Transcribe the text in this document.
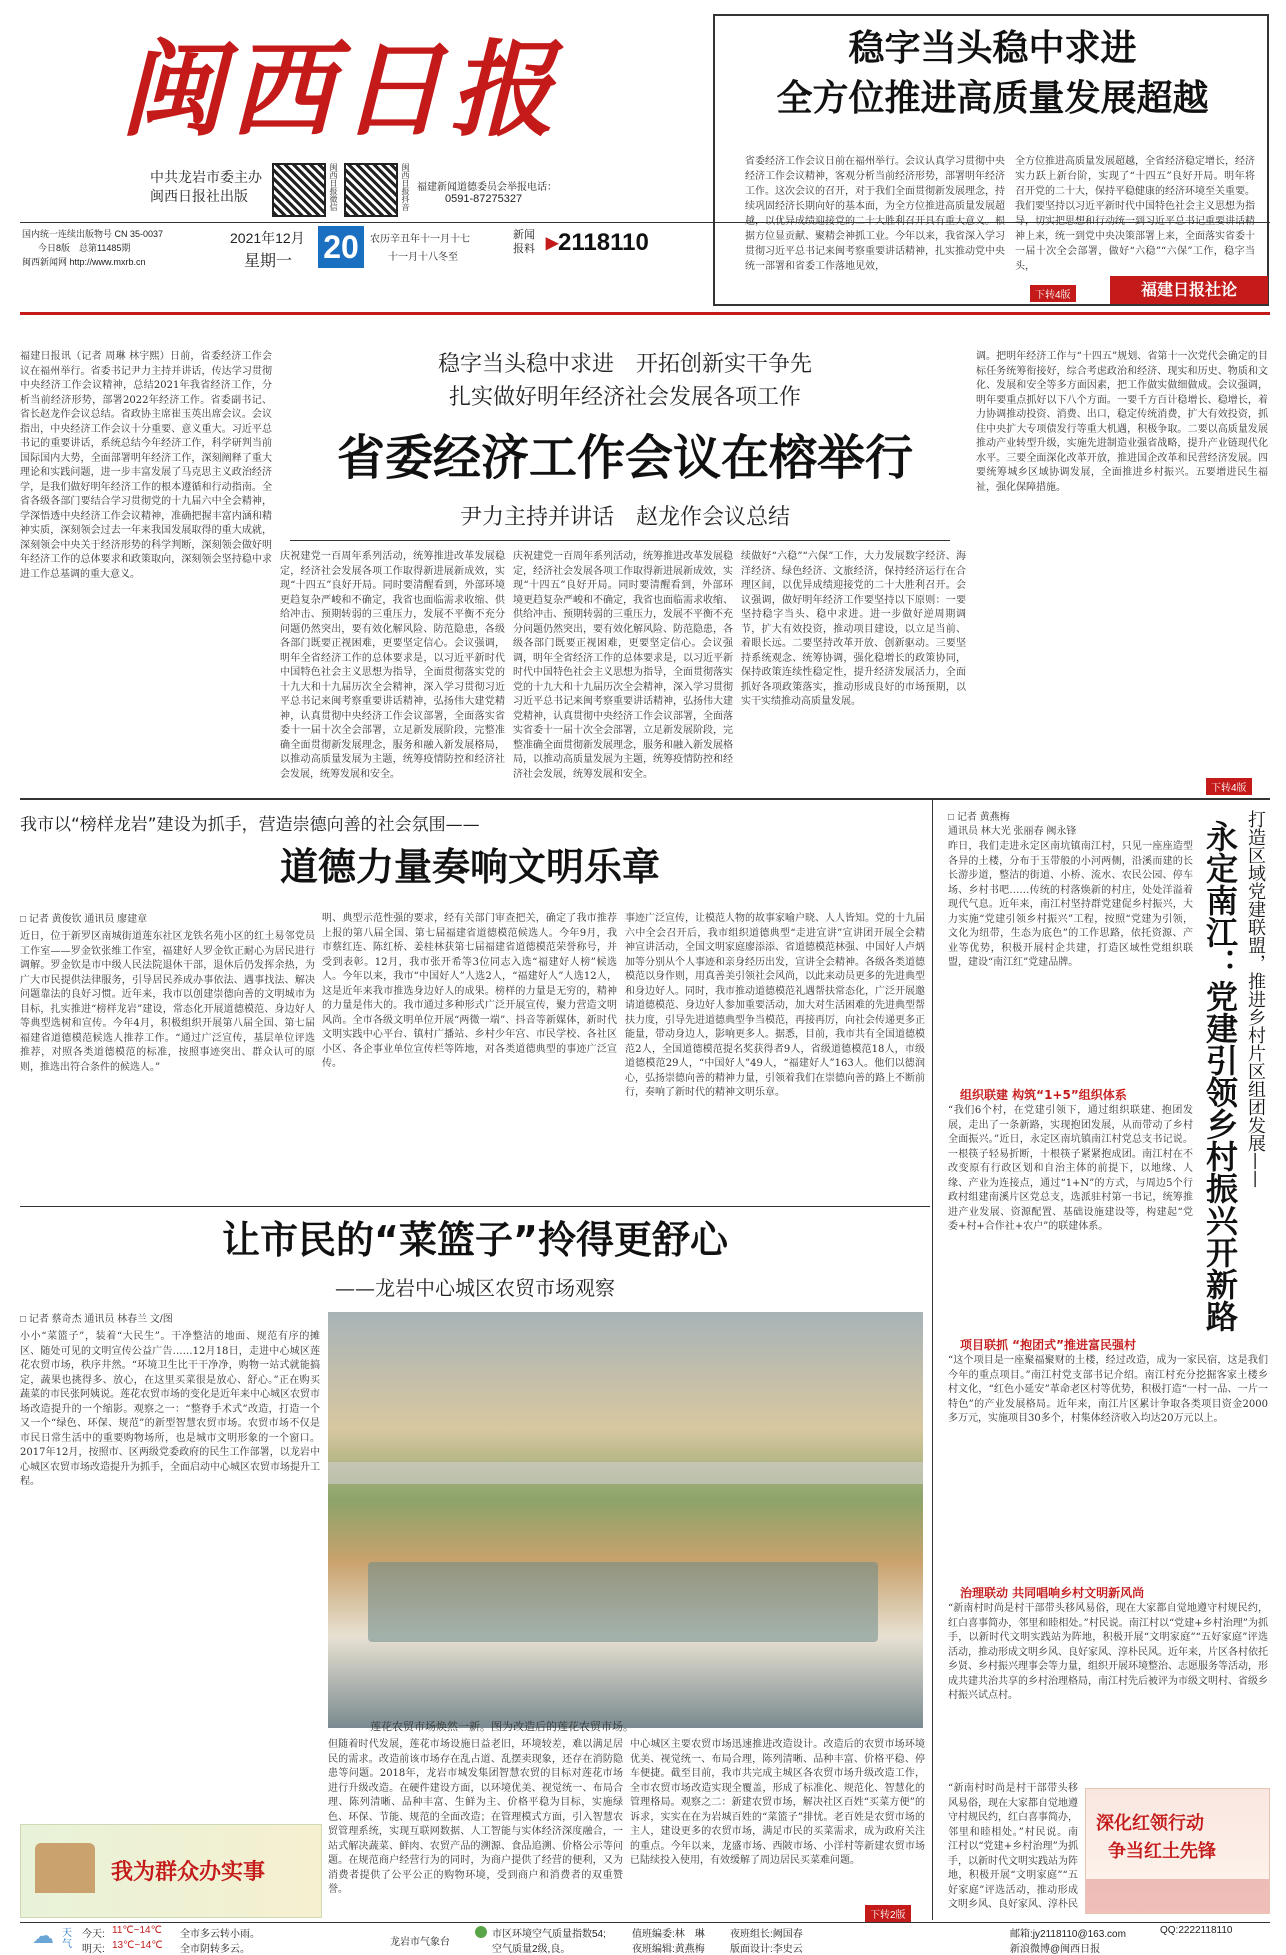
闽西日报
中共龙岩市委主办
闽西日报社出版	闽西日报微信	闽西日报抖音 福建新闻道德委员会举报电话：
0591-87275327
国内统一连续出版物号 CN 35-0037
今日8版　总第11485期
闽西新闻网 http://www.mxrb.cn
2021年12月
星期一 20	农历辛丑年十一月十七
十一月十八冬至
新闻报料 ▸2118110
稳字当头稳中求进
全方位推进高质量发展超越
省委经济工作会议日前在福州举行。会议认真学习贯彻中央经济工作会议精神，客观分析当前经济形势，部署明年经济工作。这次会议的召开，对于我们全面贯彻新发展理念，持续巩固经济长期向好的基本面，为全方位推进高质量发展超越，以优异成绩迎接党的二十大胜利召开具有重大意义。根据方位显贡献、聚精会神抓工业。今年以来，我省深入学习贯彻习近平总书记来闽考察重要讲话精神，扎实推动党中央统一部署和省委工作落地见效，
全方位推进高质量发展超越，全省经济稳定增长，经济实力跃上新台阶，实现了“十四五”良好开局。明年将召开党的二十大，保持平稳健康的经济环境至关重要。我们要坚持以习近平新时代中国特色社会主义思想为指导，切实把思想和行动统一到习近平总书记重要讲话精神上来，统一到党中央决策部署上来，全面落实省委十一届十次全会部署，做好“六稳”“六保”工作，稳字当头，
下转4版	福建日报社论
福建日报讯（记者 周琳 林宇熙）日前，省委经济工作会议在福州举行。省委书记尹力主持并讲话，传达学习贯彻中央经济工作会议精神，总结2021年我省经济工作，分析当前经济形势，部署2022年经济工作。省委副书记、省长赵龙作会议总结。省政协主席崔玉英出席会议。会议指出，中央经济工作会议十分重要、意义重大。习近平总书记的重要讲话，系统总结今年经济工作，科学研判当前国际国内大势，全面部署明年经济工作，深刻阐释了重大理论和实践问题，进一步丰富发展了马克思主义政治经济学，是我们做好明年经济工作的根本遵循和行动指南。全省各级各部门要结合学习贯彻党的十九届六中全会精神，学深悟透中央经济工作会议精神，准确把握丰富内涵和精神实质，深刻领会过去一年来我国发展取得的重大成就，深刻领会中央关于经济形势的科学判断，深刻领会做好明年经济工作的总体要求和政策取向，深刻领会坚持稳中求进工作总基调的重大意义。
稳字当头稳中求进　开拓创新实干争先
扎实做好明年经济社会发展各项工作
省委经济工作会议在榕举行
尹力主持并讲话　赵龙作会议总结
庆祝建党一百周年系列活动，统筹推进改革发展稳定，经济社会发展各项工作取得新进展新成效，实现“十四五”良好开局。同时要清醒看到，外部环境更趋复杂严峻和不确定，我省也面临需求收缩、供给冲击、预期转弱的三重压力，发展不平衡不充分问题仍然突出，要有效化解风险、防范隐患，各级各部门既要正视困难，更要坚定信心。会议强调，明年全省经济工作的总体要求是，以习近平新时代中国特色社会主义思想为指导，全面贯彻落实党的十九大和十九届历次全会精神，深入学习贯彻习近平总书记来闽考察重要讲话精神，弘扬伟大建党精神，认真贯彻中央经济工作会议部署，全面落实省委十一届十次全会部署，立足新发展阶段，完整准确全面贯彻新发展理念，服务和融入新发展格局，以推动高质量发展为主题，统筹疫情防控和经济社会发展，统筹发展和安全。
庆祝建党一百周年系列活动，统筹推进改革发展稳定，经济社会发展各项工作取得新进展新成效，实现“十四五”良好开局。同时要清醒看到，外部环境更趋复杂严峻和不确定，我省也面临需求收缩、供给冲击、预期转弱的三重压力，发展不平衡不充分问题仍然突出，要有效化解风险、防范隐患，各级各部门既要正视困难，更要坚定信心。会议强调，明年全省经济工作的总体要求是，以习近平新时代中国特色社会主义思想为指导，全面贯彻落实党的十九大和十九届历次全会精神，深入学习贯彻习近平总书记来闽考察重要讲话精神，弘扬伟大建党精神，认真贯彻中央经济工作会议部署，全面落实省委十一届十次全会部署，立足新发展阶段，完整准确全面贯彻新发展理念，服务和融入新发展格局，以推动高质量发展为主题，统筹疫情防控和经济社会发展，统筹发展和安全。
续做好“六稳”“六保”工作，大力发展数字经济、海洋经济、绿色经济、文旅经济，保持经济运行在合理区间，以优异成绩迎接党的二十大胜利召开。会议强调，做好明年经济工作要坚持以下原则：一要坚持稳字当头、稳中求进。进一步做好逆周期调节，扩大有效投资，推动项目建设，以立足当前、着眼长远。二要坚持改革开放、创新驱动。三要坚持系统观念、统筹协调，强化稳增长的政策协同，保持政策连续性稳定性，提升经济发展活力，全面抓好各项政策落实，推动形成良好的市场预期，以实干实绩推动高质量发展。
调。把明年经济工作与“十四五”规划、省第十一次党代会确定的目标任务统筹衔接好，综合考虑政治和经济、现实和历史、物质和文化、发展和安全等多方面因素，把工作做实做细做成。会议强调，明年要重点抓好以下八个方面。一要千方百计稳增长、稳增长，着力协调推动投资、消费、出口，稳定传统消费，扩大有效投资，抓住中央扩大专项债发行等重大机遇，积极争取。二要以高质量发展推动产业转型升级，实施先进制造业强省战略，提升产业链现代化水平。三要全面深化改革开放，推进国企改革和民营经济发展。四要统筹城乡区域协调发展，全面推进乡村振兴。五要增进民生福祉，强化保障措施。
下转4版
我市以“榜样龙岩”建设为抓手，营造崇德向善的社会氛围——
道德力量奏响文明乐章
□ 记者 黄俊钦 通讯员 廖建章
近日，位于新罗区南城街道莲东社区龙铁名苑小区的红土易邻党员工作室——罗金钦张维工作室，福建好人罗金钦正耐心为居民进行调解。罗金钦是市中级人民法院退休干部，退休后仍发挥余热，为广大市民提供法律服务，引导居民养成办事依法、遇事找法、解决问题靠法的良好习惯。近年来，我市以创建崇德向善的文明城市为目标，扎实推进“榜样龙岩”建设，常态化开展道德模范、身边好人等典型选树和宣传。今年4月，积极组织开展第八届全国、第七届福建省道德模范候选人推荐工作。“通过广泛宣传，基层单位评选推荐，对照各类道德模范的标准，按照事迹突出、群众认可的原则，推选出符合条件的候选人。”
明、典型示范性强的要求，经有关部门审查把关，确定了我市推荐上报的第八届全国、第七届福建省道德模范候选人。今年9月，我市蔡红连、陈红桥、姜桂林获第七届福建省道德模范荣誉称号，并受到表彰。12月，我市张开希等3位同志入选“福建好人榜”候选人。今年以来，我市“中国好人”人选2人，“福建好人”人选12人，这是近年来我市推选身边好人的成果。榜样的力量是无穷的，精神的力量是伟大的。我市通过多种形式广泛开展宣传，聚力营造文明风尚。全市各级文明单位开展“两微一端”、抖音等新媒体，新时代文明实践中心平台、镇村广播站、乡村少年宫、市民学校、各社区小区、各企事业单位宣传栏等阵地，对各类道德典型的事迹广泛宣传。
事迹广泛宣传，让模范人物的故事家喻户晓、人人皆知。党的十九届六中全会召开后，我市组织道德典型“走进宣讲”宣讲团开展全会精神宣讲活动，全国文明家庭廖添添、省道德模范林强、中国好人卢炳加等分别从个人事迹和亲身经历出发，宣讲全会精神。各级各类道德模范以身作则，用真善美引领社会风尚，以此来动员更多的先进典型和身边好人。同时，我市推动道德模范礼遇帮扶常态化，广泛开展邀请道德模范、身边好人参加重要活动，加大对生活困难的先进典型帮扶力度，引导先进道德典型争当模范，再接再厉，向社会传递更多正能量，带动身边人，影响更多人。据悉，目前，我市共有全国道德模范2人，全国道德模范提名奖获得者9人，省级道德模范18人，市级道德模范29人，“中国好人”49人，“福建好人”163人。他们以德润心，弘扬崇德向善的精神力量，引领着我们在崇德向善的路上不断前行，奏响了新时代的精神文明乐章。
让市民的“菜篮子”拎得更舒心
——龙岩中心城区农贸市场观察
□ 记者 蔡奇杰 通讯员 林春兰 文/图
小小“菜篮子”，装着“大民生”。干净整洁的地面、规范有序的摊区、随处可见的文明宣传公益广告……12月18日，走进中心城区莲花农贸市场，秩序井然。“环境卫生比干干净净，购物一站式就能搞定，蔬果也挑得多、放心，在这里买菜很是放心、舒心。”正在购买蔬菜的市民张阿姨说。莲花农贸市场的变化是近年来中心城区农贸市场改造提升的一个缩影。观察之一：“整脊手术式”改造，打造一个又一个“绿色、环保、规范”的新型智慧农贸市场。农贸市场不仅是市民日常生活中的重要购物场所，也是城市文明形象的一个窗口。2017年12月，按照市、区两级党委政府的民生工作部署，以龙岩中心城区农贸市场改造提升为抓手，全面启动中心城区农贸市场提升工程。
莲花农贸市场焕然一新。图为改造后的莲花农贸市场。
但随着时代发展，莲花市场设施日益老旧，环境较差，难以满足居民的需求。改造前该市场存在乱占道、乱摆卖现象，还存在消防隐患等问题。2018年，龙岩市城发集团智慧农贸的目标对莲花市场进行升级改造。在硬件建设方面，以环境优美、视觉统一、布局合理、陈列清晰、品种丰富、生鲜为主、价格平稳为目标，实施绿色、环保、节能、规范的全面改造；在管理模式方面，引入智慧农贸管理系统，实现互联网数据、人工智能与实体经济深度融合，一站式解决蔬菜、鲜肉、农贸产品的溯源、食品追溯、价格公示等问题。在规范商户经营行为的同时，为商户提供了经营的便利，又为消费者提供了公平公正的购物环境，受到商户和消费者的双重赞誉。
中心城区主要农贸市场迅速推进改造设计。改造后的农贸市场环境优美、视觉统一、布局合理，陈列清晰、品种丰富、价格平稳、停车便捷。截至目前，我市共完成主城区各农贸市场升级改造工作，全市农贸市场改造实现全覆盖，形成了标准化、规范化、智慧化的管理格局。观察之二：新建农贸市场，解决社区百姓“买菜方便”的诉求，实实在在为岩城百姓的“菜篮子”排忧。老百姓是农贸市场的主人，建设更多的农贸市场，满足市民的买菜需求，成为政府关注的重点。今年以来，龙盛市场、西陂市场、小洋村等新建农贸市场已陆续投入使用，有效缓解了周边居民买菜难问题。
下转2版
我为群众办实事
□ 记者 黄燕梅
通讯员 林大光 张丽春 阙永锋	永定南江：党建引领乡村振兴开新路 打造区域党建联盟，推进乡村片区组团发展——
昨日，我们走进永定区南坑镇南江村，只见一座座造型各异的土楼，分布于玉带般的小河两侧，沿溪而建的长长游步道，整洁的街道、小桥、流水、农民公园、停车场、乡村书吧……传统的村落焕新的村庄，处处洋溢着现代气息。近年来，南江村坚持群党建促乡村振兴，大力实施“党建引领乡村振兴”工程，按照“党建为引领，文化为纽带，生态为底色”的工作思路，依托资源、产业等优势，积极开展村企共建，打造区域性党组织联盟，建设“南江红”党建品牌。
组织联建 构筑“1+5”组织体系
“我们6个村，在党建引领下，通过组织联建、抱团发展，走出了一条新路，实现抱团发展，从而带动了乡村全面振兴。”近日，永定区南坑镇南江村党总支书记说。一根筷子轻易折断，十根筷子紧紧抱成团。南江村在不改变原有行政区划和自治主体的前提下，以地缘、人缘、产业为连接点，通过“1+N”的方式，与周边5个行政村组建南溪片区党总支，选派驻村第一书记，统筹推进产业发展、资源配置、基础设施建设等，构建起“党委+村+合作社+农户”的联建体系。
项目联抓 “抱团式”推进富民强村
“这个项目是一座聚福聚财的土楼，经过改造，成为一家民宿，这是我们今年的重点项目。”南江村党支部书记介绍。南江村充分挖掘客家土楼乡村文化，“红色小延安”革命老区村等优势，积极打造“一村一品、一片一特色”的产业发展格局。近年来，南江片区累计争取各类项目资金2000多万元，实施项目30多个，村集体经济收入均达20万元以上。
治理联动 共同唱响乡村文明新风尚
“新南村时尚是村干部带头移风易俗，现在大家都自觉地遵守村规民约，红白喜事简办，邻里和睦相处。”村民说。南江村以“党建+乡村治理”为抓手，以新时代文明实践站为阵地，积极开展“文明家庭”“五好家庭”评选活动，推动形成文明乡风、良好家风、淳朴民风。近年来，片区各村依托乡贤、乡村振兴理事会等力量，组织开展环境整治、志愿服务等活动，形成共建共治共享的乡村治理格局，南江村先后被评为市级文明村、省级乡村振兴试点村。
“新南村时尚是村干部带头移风易俗，现在大家都自觉地遵守村规民约，红白喜事简办，邻里和睦相处。”村民说。南江村以“党建+乡村治理”为抓手，以新时代文明实践站为阵地，积极开展“文明家庭”“五好家庭”评选活动，推动形成文明乡风、良好家风、淳朴民
深化红领行动
争当红土先锋
☁ 天气
今天: 11℃~14℃ 全市多云转小雨。
明天: 13℃~14℃ 全市阴转多云。
龙岩市气象台
市区环境空气质量指数54;
空气质量2级,良。
值班编委:林　琳
夜班编辑:黄燕梅
夜班组长:阙国春
版面设计:李史云
邮箱:jy2118110@163.com	QQ:2222118110
新浪微博@闽西日报
